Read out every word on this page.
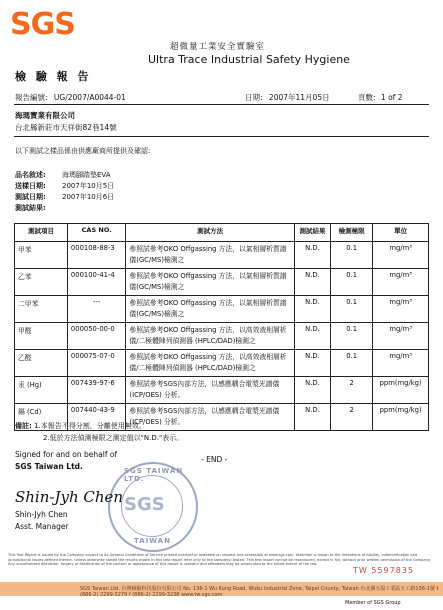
SGS
超微量工業安全實驗室
Ultra Trace Industrial Safety Hygiene
檢 驗 報 告
報告編號: UG/2007/A0044-01	日期: 2007年11月05日	頁數: 1 of 2
海瑪寶業有限公司
台北縣新莊市天祥街82巷14號
以下測試之樣品係由供應廠商所提供及確認:
品名敘述: 海瑪腳踏墊EVA
送樣日期: 2007年10月5日
測試日期: 2007年10月6日
測試結果:
測試項目	CAS NO.	測試方法	測試結果	檢測極限	單位
甲苯	000108-88-3	參照試參考OKO Offgassing 方法，以氣相層析質譜儀(GC/MS)檢測之	N.D.	0.1	mg/m³
乙苯	000100-41-4	參照試參考OKO Offgassing 方法，以氣相層析質譜儀(GC/MS)檢測之	N.D.	0.1	mg/m³
二甲苯	---	參照試參考OKO Offgassing 方法，以氣相層析質譜儀(GC/MS)檢測之	N.D.	0.1	mg/m³
甲醛	000050-00-0	參照試參考OKO Offgassing 方法，以高效液相層析儀/二極體陣列偵測器 (HPLC/DAD)檢測之	N.D.	0.1	mg/m³
乙醛	000075-07-0	參照試參考OKO Offgassing 方法，以高效液相層析儀/二極體陣列偵測器 (HPLC/DAD)檢測之	N.D.	0.1	mg/m³
汞 (Hg)	007439-97-6	參照試參考SGS內部方法，以感應耦合電漿光譜儀(ICP/OES) 分析。	N.D.	2	ppm(mg/kg)
鎘 (Cd)	007440-43-9	參照試參考SGS內部方法，以感應耦合電漿光譜儀(ICP/OES) 分析。	N.D.	2	ppm(mg/kg)
備註: 1.本報告不得分割，分離使用無效。
2.低於方法偵測極限之測定值以"N.D."表示。
Signed for and on behalf of
SGS Taiwan Ltd.
- END -
SGS TAIWAN LTD.
SGS
TAIWAN
Shin-Jyh Chen
Shin-Jyh Chen
Asst. Manager
This Test Report is issued by the Company subject to its General Conditions of Service printed overleaf or available on request and accessible at www.sgs.com. Attention is drawn to the limitations of liability, indemnification and jurisdictional issues defined therein. Unless otherwise stated the results shown in this test report refer only to the sample(s) tested. This test report cannot be reproduced, except in full, without prior written permission of the Company. Any unauthorized alteration, forgery or falsification of the content or appearance of this report is unlawful and offenders may be prosecuted to the fullest extent of the law.
TW 5597835
SGS Taiwan Ltd. 台灣檢驗科技股份有限公司 No. 136-1 Wu Kung Road, Wuku Industrial Zone, Taipei County, Taiwan 台北縣五股工業區五工路136-1號 t (886-2) 2299-3279 f (886-2) 2299-3238 www.tw.sgs.com
Member of SGS Group
